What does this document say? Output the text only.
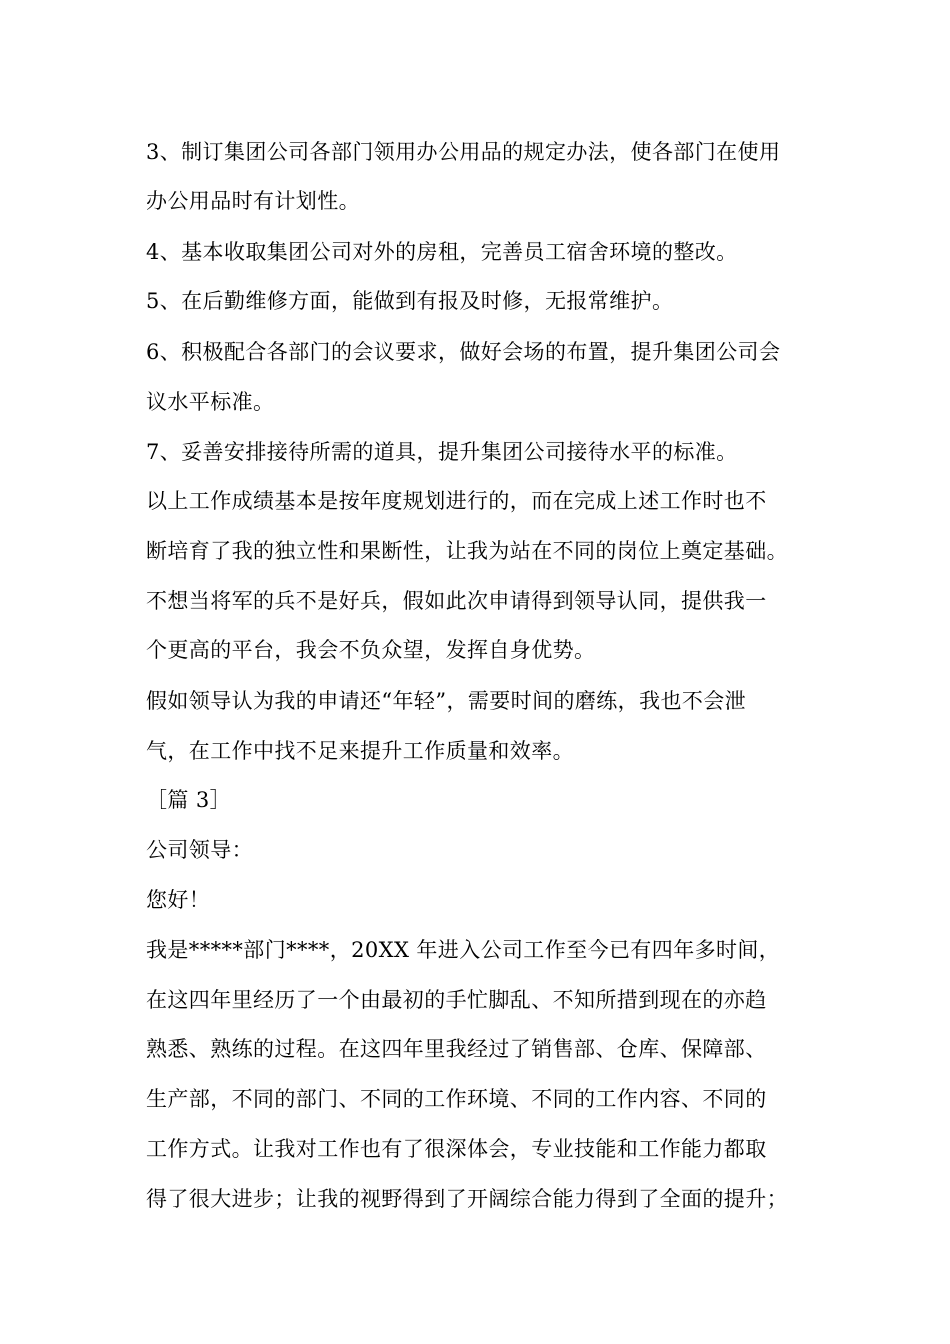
3、制订集团公司各部门领用办公用品的规定办法，使各部门在使用
办公用品时有计划性。
4、基本收取集团公司对外的房租，完善员工宿舍环境的整改。
5、在后勤维修方面，能做到有报及时修，无报常维护。
6、积极配合各部门的会议要求，做好会场的布置，提升集团公司会
议水平标准。
7、妥善安排接待所需的道具，提升集团公司接待水平的标准。
以上工作成绩基本是按年度规划进行的，而在完成上述工作时也不
断培育了我的独立性和果断性，让我为站在不同的岗位上奠定基础。
不想当将军的兵不是好兵，假如此次申请得到领导认同，提供我一
个更高的平台，我会不负众望，发挥自身优势。
假如领导认为我的申请还“年轻”，需要时间的磨练，我也不会泄
气，在工作中找不足来提升工作质量和效率。
［篇 3］
公司领导：
您好！
我是*****部门****，20XX 年进入公司工作至今已有四年多时间，
在这四年里经历了一个由最初的手忙脚乱、不知所措到现在的亦趋
熟悉、熟练的过程。在这四年里我经过了销售部、仓库、保障部、
生产部，不同的部门、不同的工作环境、不同的工作内容、不同的
工作方式。让我对工作也有了很深体会，专业技能和工作能力都取
得了很大进步；让我的视野得到了开阔综合能力得到了全面的提升；
